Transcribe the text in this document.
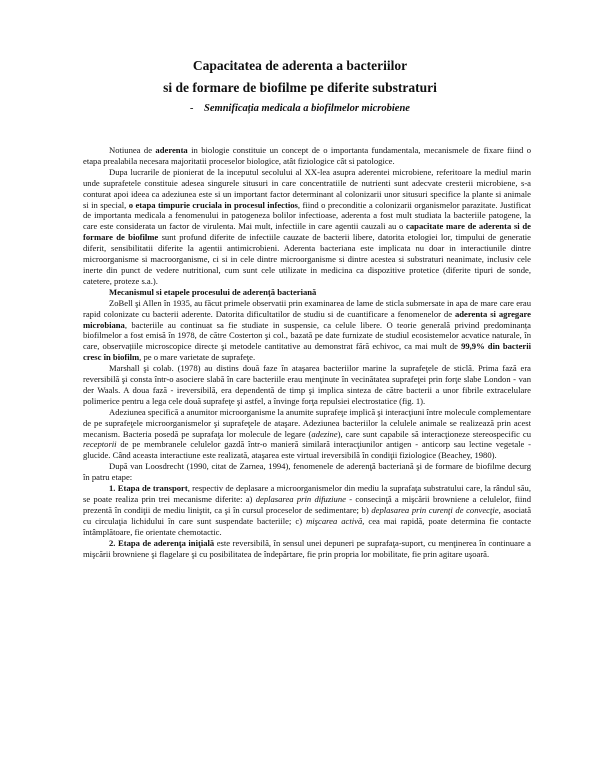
Capacitatea de aderenta a bacteriilor
si de formare de biofilme pe diferite substraturi
- Semnificația medicala a biofilmelor microbiene

Notiunea de aderenta in biologie constituie un concept de o importanta fundamentala, mecanismele de fixare fiind o etapa prealabila necesara majoritatii proceselor biologice, atât fiziologice cât si patologice.

Dupa lucrarile de pionierat de la inceputul secolului al XX-lea asupra aderentei microbiene, referitoare la mediul marin unde suprafetele constituie adesea singurele situsuri in care concentratiile de nutrienti sunt adecvate cresterii microbiene, s-a conturat apoi ideea ca adeziunea este si un important factor determinant al colonizarii unor situsuri specifice la plante si animale si in special, o etapa timpurie cruciala in procesul infectios, fiind o preconditie a colonizarii organismelor parazitate. Justificat de importanta medicala a fenomenului in patogeneza bolilor infectioase, aderenta a fost mult studiata la bacteriile patogene, la care este considerata un factor de virulenta. Mai mult, infectiile in care agentii cauzali au o capacitate mare de aderenta si de formare de biofilme sunt profund diferite de infectiile cauzate de bacterii libere, datorita etologiei lor, timpului de generatie diferit, sensibilitatii diferite la agentii antimicrobieni. Aderenta bacteriana este implicata nu doar in interactiunile dintre microorganisme si macroorganisme, ci si in cele dintre microorganisme si dintre acestea si substraturi neanimate, inclusiv cele inerte din punct de vedere nutritional, cum sunt cele utilizate in medicina ca dispozitive protetice (diferite tipuri de sonde, catetere, proteze s.a.).

Mecanismul si etapele procesului de aderență bacteriană

ZoBell şi Allen în 1935, au făcut primele observatii prin examinarea de lame de sticla submersate in apa de mare care erau rapid colonizate cu bacterii aderente. Datorita dificultatilor de studiu si de cuantificare a fenomenelor de aderenta si agregare microbiana, bacteriile au continuat sa fie studiate in suspensie, ca celule libere. O teorie generală privind predominanța biofilmelor a fost emisă în 1978, de către Costerton şi col., bazată pe date furnizate de studiul ecosistemelor acvatice naturale, în care, observațiile microscopice directe şi metodele cantitative au demonstrat fără echivoc, ca mai mult de 99,9% din bacterii cresc în biofilm, pe o mare varietate de suprafeţe.

Marshall şi colab. (1978) au distins două faze în ataşarea bacteriilor marine la suprafeţele de sticlă. Prima fază era reversibilă şi consta într-o asociere slabă în care bacteriile erau menţinute în vecinătatea suprafeţei prin forţe slabe London - van der Waals. A doua fază - ireversibilă, era dependentă de timp şi implica sinteza de către bacterii a unor fibrile extracelulare polimerice pentru a lega cele două suprafeţe şi astfel, a învinge forţa repulsiei electrostatice (fig. 1).

Adeziunea specifică a anumitor microorganisme la anumite suprafeţe implică şi interacţiuni între molecule complementare de pe suprafeţele microorganismelor şi suprafeţele de ataşare. Adeziunea bacteriilor la celulele animale se realizează prin acest mecanism. Bacteria posedă pe suprafaţa lor molecule de legare (adezine), care sunt capabile să interacţioneze stereospecific cu receptorii de pe membranele celulelor gazdă într-o manieră similară interacţiunilor antigen - anticorp sau lectine vegetale - glucide. Când aceasta interactiune este realizată, ataşarea este virtual ireversibilă în condiţii fiziologice (Beachey, 1980).

După van Loosdrecht (1990, citat de Zarnea, 1994), fenomenele de aderenţă bacteriană şi de formare de biofilme decurg în patru etape:

1. Etapa de transport, respectiv de deplasare a microorganismelor din mediu la suprafaţa substratului care, la rândul său, se poate realiza prin trei mecanisme diferite: a) deplasarea prin difuziune - consecinţă a mişcării browniene a celulelor, fiind prezentă în condiţii de mediu liniştit, ca şi în cursul proceselor de sedimentare; b) deplasarea prin curenţi de convecţie, asociată cu circulaţia lichidului în care sunt suspendate bacteriile; c) mişcarea activă, cea mai rapidă, poate determina fie contacte întâmplătoare, fie orientate chemotactic.

2. Etapa de aderenţa iniţială este reversibilă, în sensul unei depuneri pe suprafaţa-suport, cu menţinerea în continuare a mişcării browniene şi flagelare şi cu posibilitatea de îndepărtare, fie prin propria lor mobilitate, fie prin agitare uşoară.
